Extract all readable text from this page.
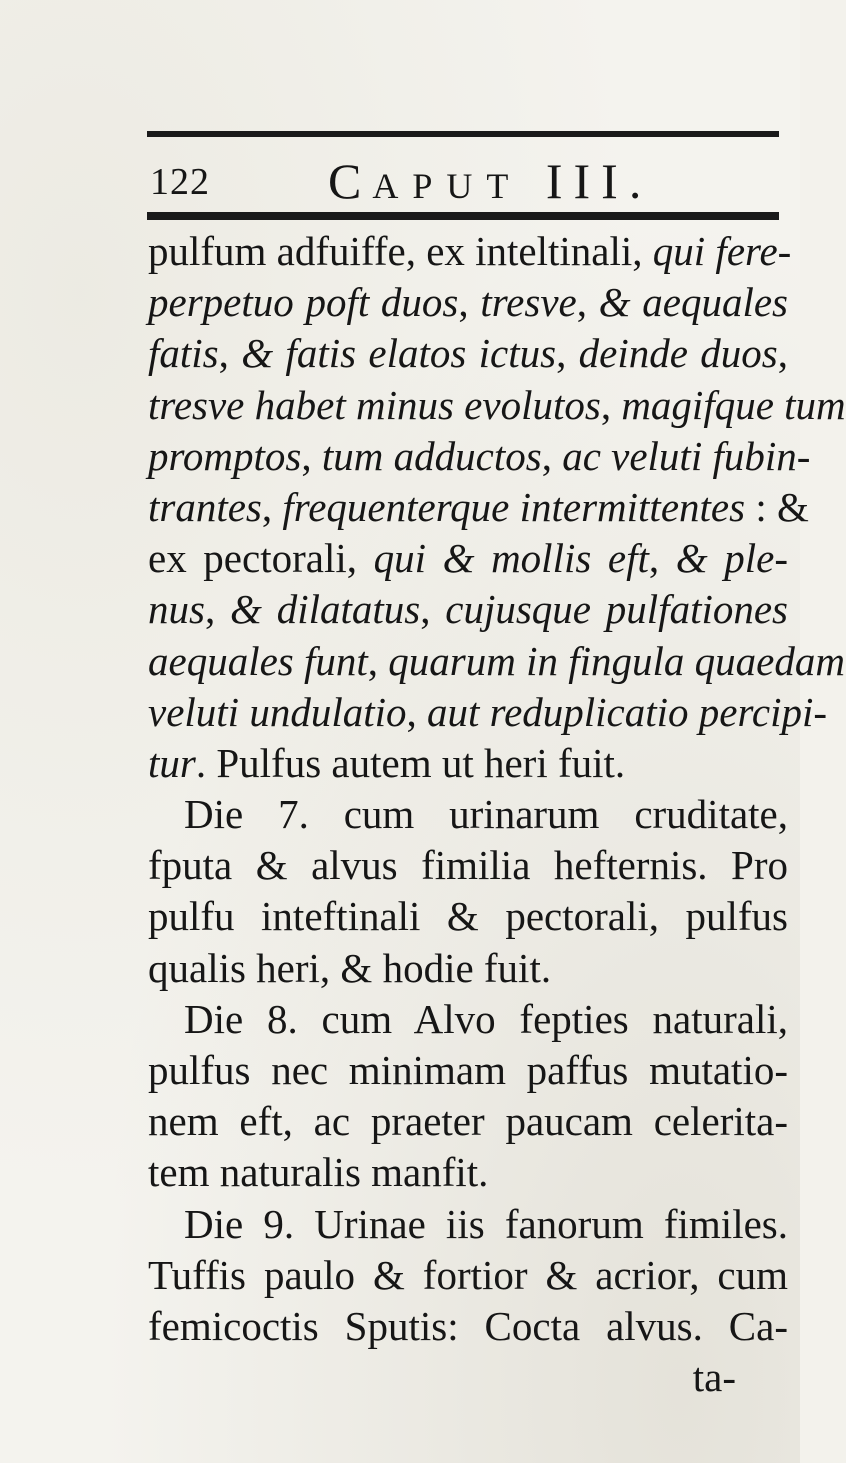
122 CAPUT III.
pulfum adfuiffe, ex inteltinali, qui fere-
perpetuo poft duos, tresve, & aequales
fatis, & fatis elatos ictus, deinde duos,
tresve habet minus evolutos, magifque tum
promptos, tum adductos, ac veluti fubin-
trantes, frequenterque intermittentes : &
ex pectorali, qui & mollis eft, & ple-
nus, & dilatatus, cujusque pulfationes
aequales funt, quarum in fingula quaedam
veluti undulatio, aut reduplicatio percipi-
tur. Pulfus autem ut heri fuit.
Die 7. cum urinarum cruditate,
fputa & alvus fimilia hefternis. Pro
pulfu inteftinali & pectorali, pulfus
qualis heri, & hodie fuit.
Die 8. cum Alvo fepties naturali,
pulfus nec minimam paffus mutatio-
nem eft, ac praeter paucam celerita-
tem naturalis manfit.
Die 9. Urinae iis fanorum fimiles.
Tuffis paulo & fortior & acrior, cum
femicoctis Sputis: Cocta alvus. Ca-
ta-
